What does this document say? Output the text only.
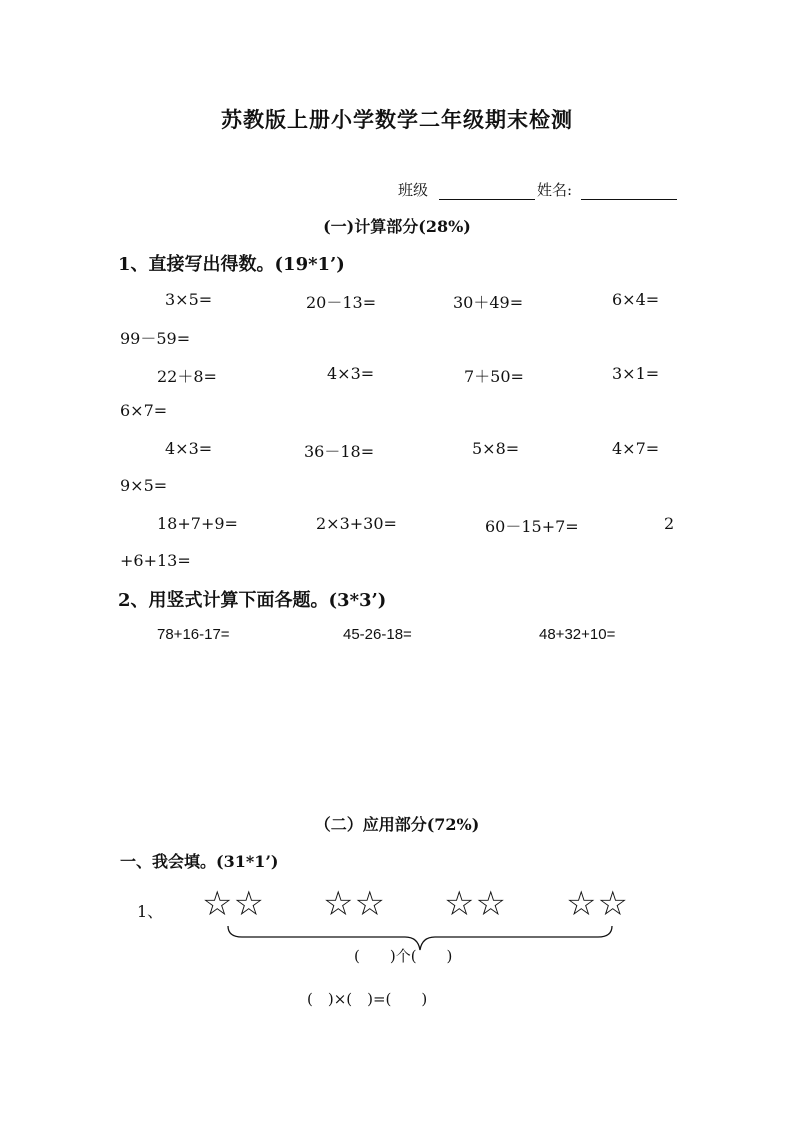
苏教版上册小学数学二年级期末检测
班级	姓名:
(一)计算部分(28%)
1、直接写出得数。(19*1’)
3×5=	20－13=	30＋49=	6×4=
99－59=
22＋8=	4×3=	7＋50=	3×1=
6×7=
4×3=	36－18=	5×8=	4×7=
9×5=
18+7+9=	2×3+30=	60－15+7=	2
+6+13=
2、用竖式计算下面各题。(3*3’)
78+16-17=	45-26-18=	48+32+10=
（二）应用部分(72%)
一、我会填。(31*1’)
1、 ☆☆ ☆☆ ☆☆ ☆☆
(　　)个(　　)
(　)×(　)=(　　)
